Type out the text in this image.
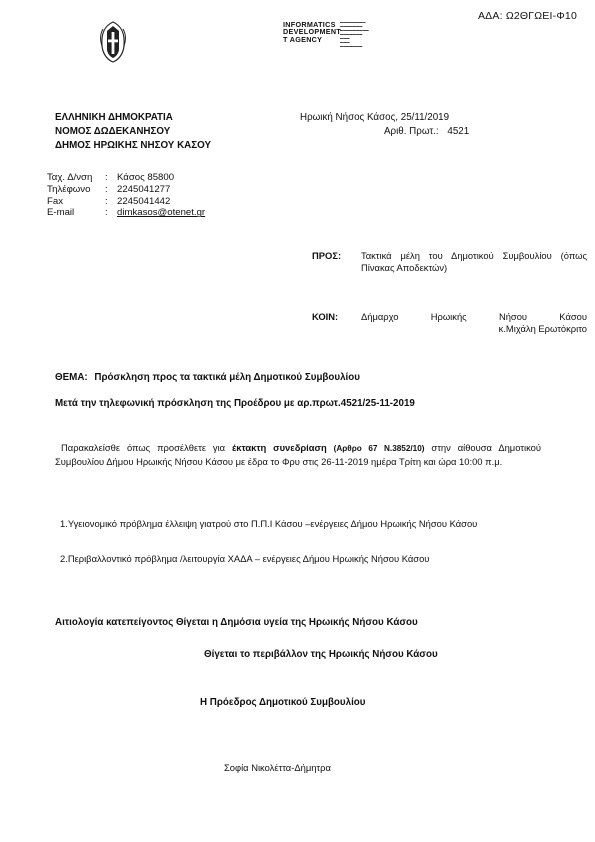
ΑΔΑ: Ω2ΘΓΩΕΙ-Φ10
INFORMATICS
DEVELOPMENT
T AGENCY
▬▬▬▬▬▬▬▬
▬▬▬▬▬▬▬
▬▬▬▬▬▬▬▬▬
▬▬▬▬▬▬▬
▬▬▬
▬▬▬
▬▬▬▬▬▬▬
ΕΛΛΗΝΙΚΗ ΔΗΜΟΚΡΑΤΙΑ
ΝΟΜΟΣ ΔΩΔΕΚΑΝΗΣΟΥ
ΔΗΜΟΣ ΗΡΩΙΚΗΣ ΝΗΣΟΥ ΚΑΣΟΥ
Ηρωική Νήσος Κάσος, 25/11/2019
Αριθ. Πρωτ.: 4521
Ταχ. Δ/νση	:	Κάσος 85800
Τηλέφωνο	:	2245041277
Fax	:	2245041442
E-mail	:	dimkasos@otenet.gr
ΠΡΟΣ: Τακτικά μέλη του Δημοτικού Συμβουλίου (όπως Πίνακας Αποδεκτών)
ΚΟΙΝ: Δήμαρχο Ηρωικής Νήσου Κάσου
κ.Μιχάλη Ερωτόκριτο
ΘΕΜΑ: Πρόσκληση προς τα τακτικά μέλη Δημοτικού Συμβουλίου
Μετά την τηλεφωνική πρόσκληση της Προέδρου με αρ.πρωτ.4521/25-11-2019
Παρακαλείσθε όπως προσέλθετε για έκτακτη συνεδρίαση (Αρθρο 67 Ν.3852/10) στην αίθουσα Δημοτικού Συμβουλίου Δήμου Ηρωικής Νήσου Κάσου με έδρα το Φρυ στις 26-11-2019 ημέρα Τρίτη και ώρα 10:00 π.μ.
1.Υγειονομικό πρόβλημα έλλειψη γιατρού στο Π.Π.Ι Κάσου –ενέργειες Δήμου Ηρωικής Νήσου Κάσου
2.Περιβαλλοντικό πρόβλημα /λειτουργία ΧΑΔΑ – ενέργειες Δήμου Ηρωικής Νήσου Κάσου
Αιτιολογία κατεπείγοντος Θίγεται η Δημόσια υγεία της Ηρωικής Νήσου Κάσου
Θίγεται το περιβάλλον της Ηρωικής Νήσου Κάσου
Η Πρόεδρος Δημοτικού Συμβουλίου
Σοφία Νικολέττα-Δήμητρα
